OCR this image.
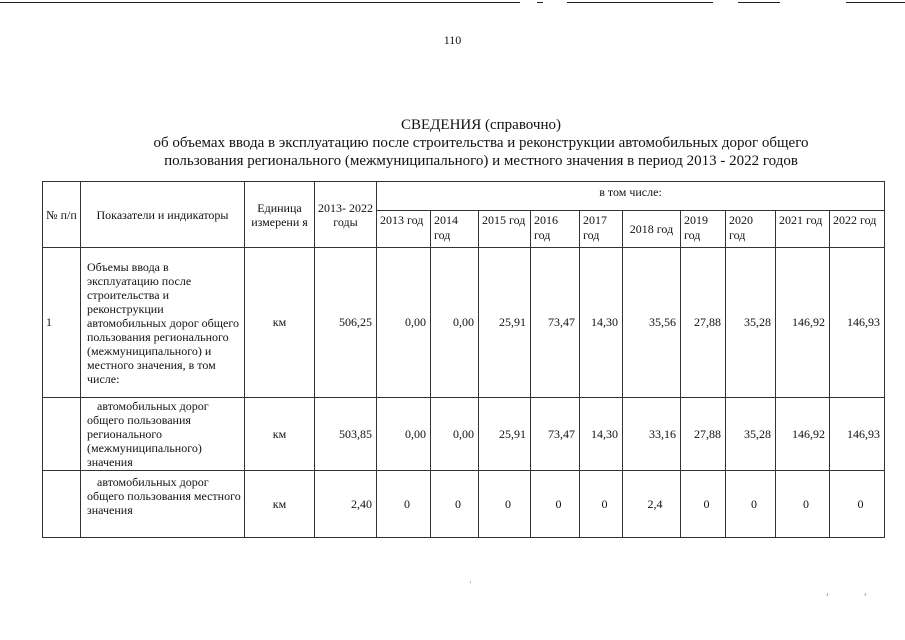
110
СВЕДЕНИЯ (справочно)
об объемах ввода в эксплуатацию после строительства и реконструкции автомобильных дорог общего
пользования регионального (межмуниципального) и местного значения в период 2013 - 2022 годов
№ п/п	Показатели и индикаторы	Единица измерени я	2013- 2022 годы	в том числе:									
				2013 год	2014 год	2015 год	2016 год	2017 год	2018 год	2019 год	2020 год	2021 год	2022 год
1	Объемы ввода в эксплуатацию после строительства и реконструкции автомобильных дорог общего пользования регионального (межмуниципального) и местного значения, в том числе:	км	506,25	0,00	0,00	25,91	73,47	14,30	35,56	27,88	35,28	146,92	146,93
	автомобильных дорог общего пользования регионального (межмуниципального) значения	км	503,85	0,00	0,00	25,91	73,47	14,30	33,16	27,88	35,28	146,92	146,93
	автомобильных дорог общего пользования местного значения	км	2,40	0	0	0	0	0	2,4	0	0	0	0
·
ʻ	ʻ
